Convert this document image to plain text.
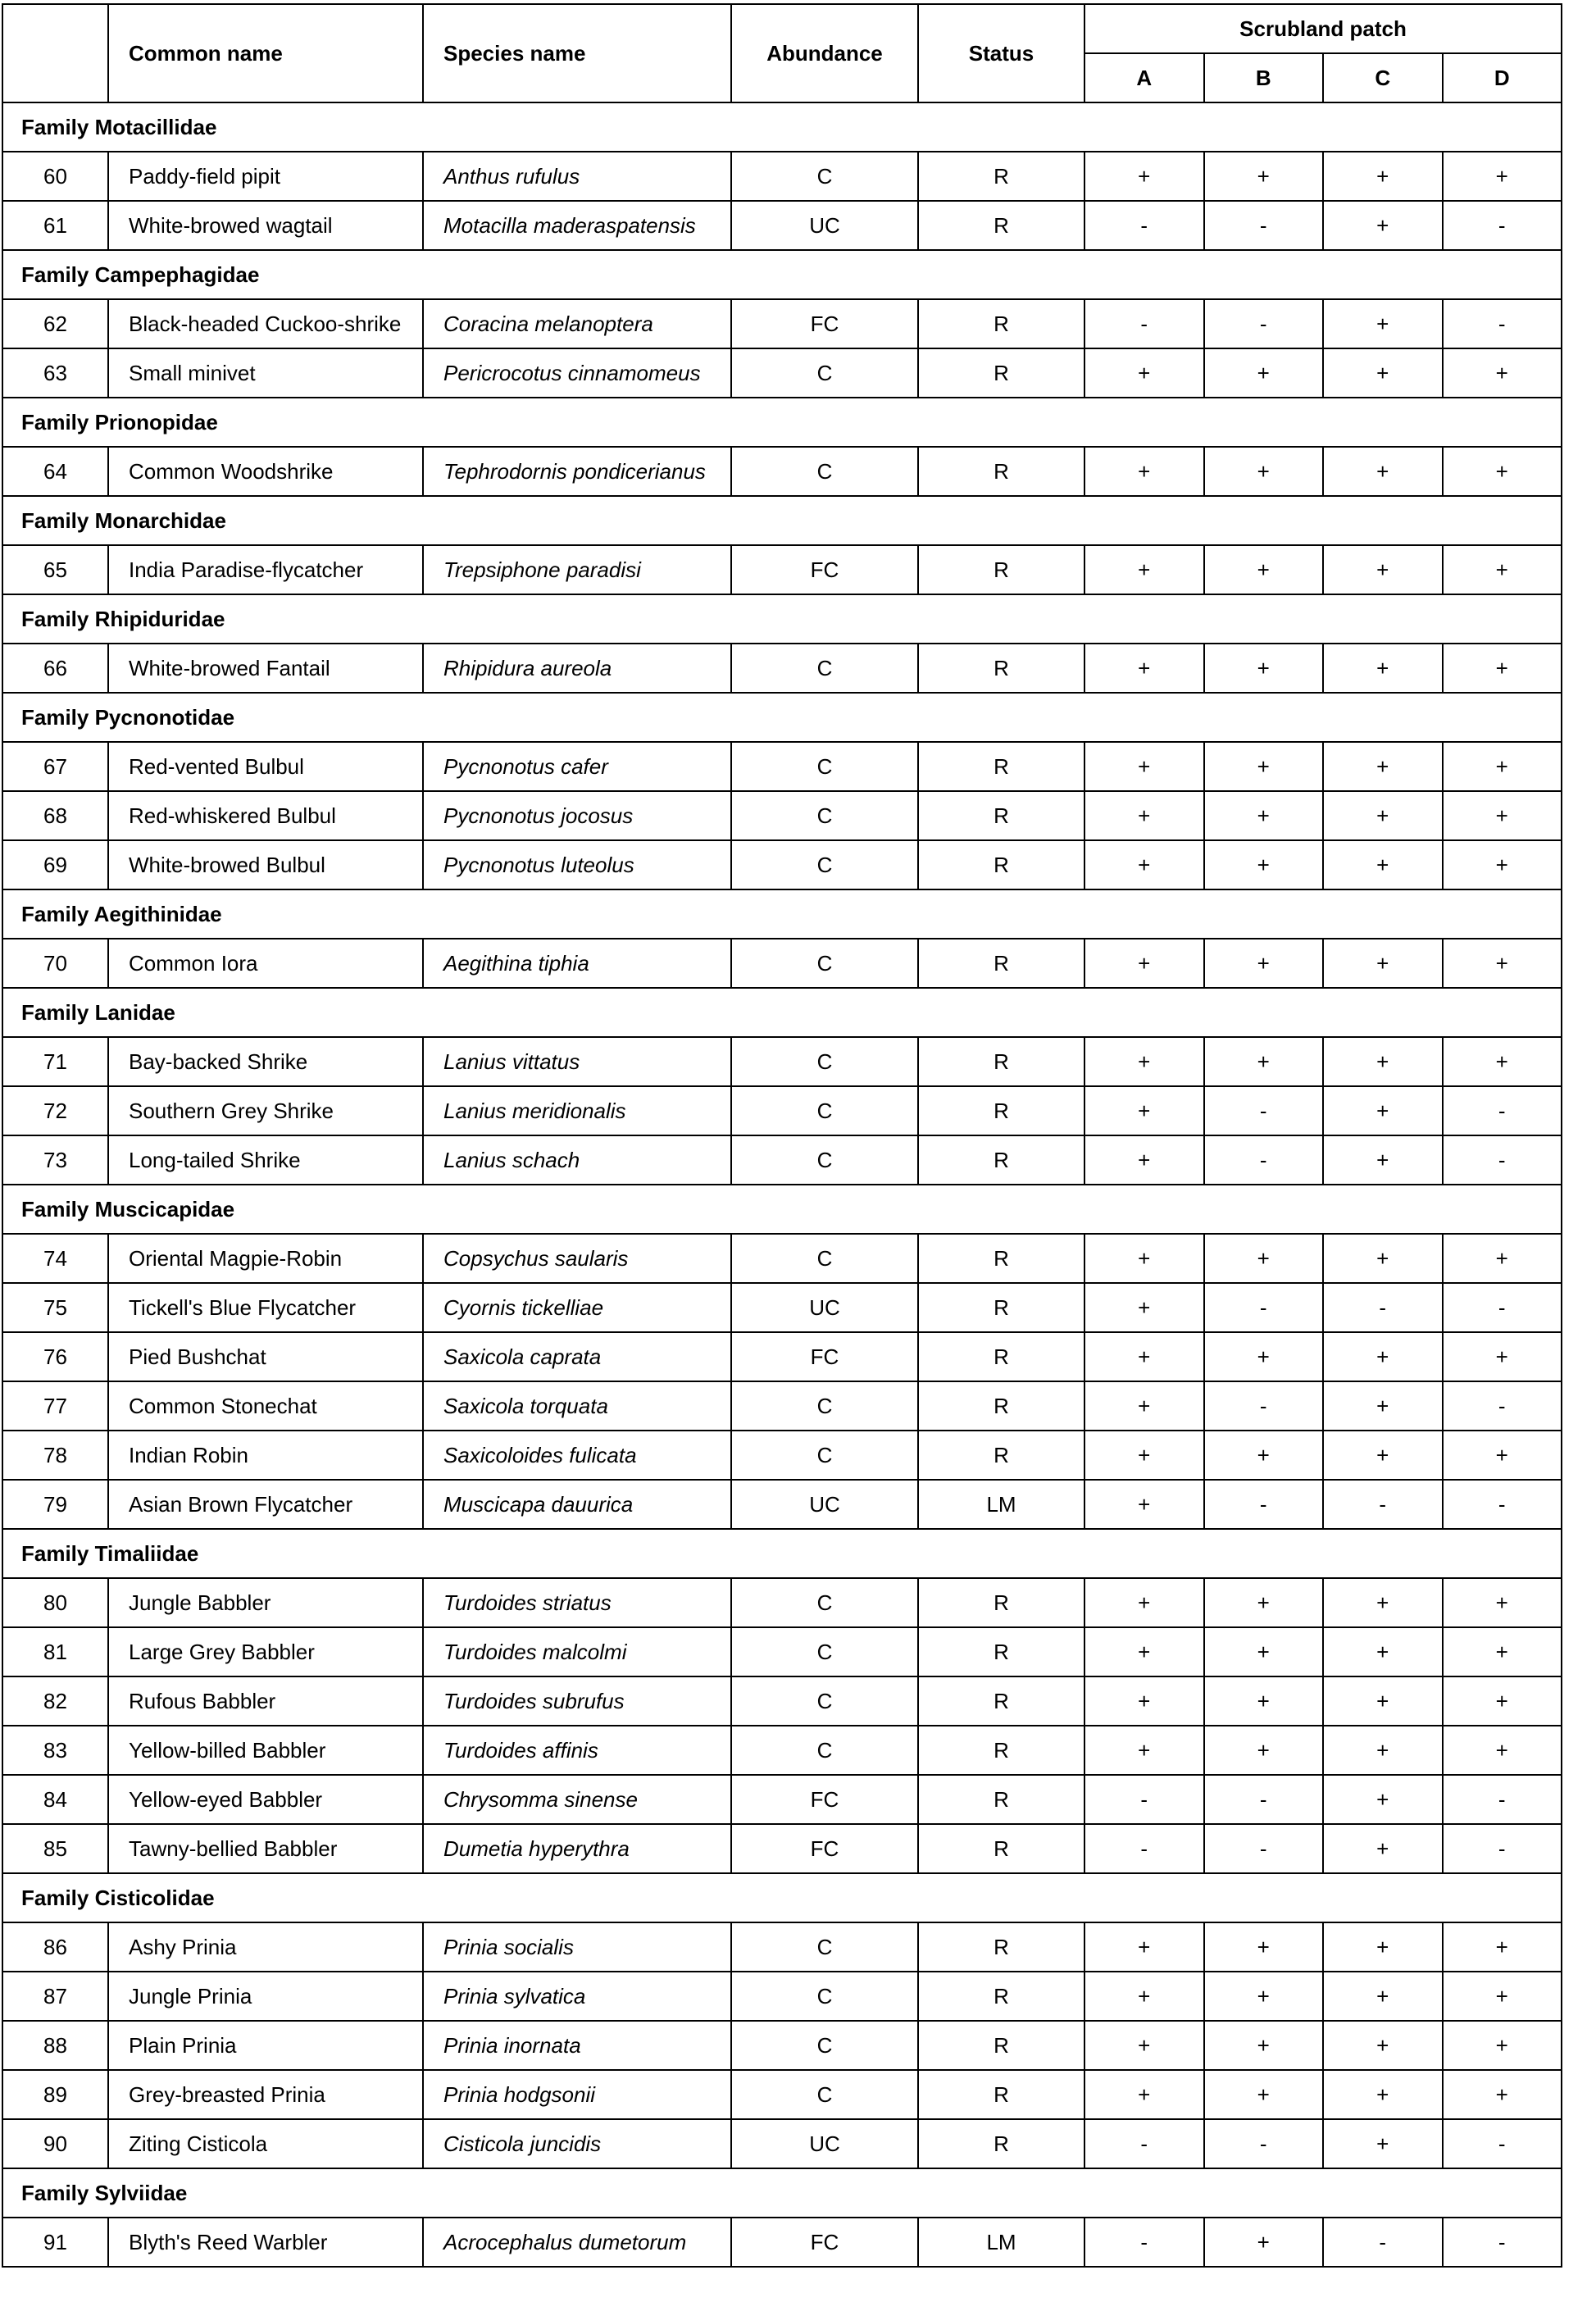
	Common name	Species name	Abundance	Status	Scrubland patch			
					A	B	C	D
Family Motacillidae								
60	Paddy-field pipit	Anthus rufulus	C	R	+	+	+	+
61	White-browed wagtail	Motacilla maderaspatensis	UC	R	-	-	+	-
Family Campephagidae								
62	Black-headed Cuckoo-shrike	Coracina melanoptera	FC	R	-	-	+	-
63	Small minivet	Pericrocotus cinnamomeus	C	R	+	+	+	+
Family Prionopidae								
64	Common Woodshrike	Tephrodornis pondicerianus	C	R	+	+	+	+
Family Monarchidae								
65	India Paradise-flycatcher	Trepsiphone paradisi	FC	R	+	+	+	+
Family Rhipiduridae								
66	White-browed Fantail	Rhipidura aureola	C	R	+	+	+	+
Family Pycnonotidae								
67	Red-vented Bulbul	Pycnonotus cafer	C	R	+	+	+	+
68	Red-whiskered Bulbul	Pycnonotus jocosus	C	R	+	+	+	+
69	White-browed Bulbul	Pycnonotus luteolus	C	R	+	+	+	+
Family Aegithinidae								
70	Common Iora	Aegithina tiphia	C	R	+	+	+	+
Family Lanidae								
71	Bay-backed Shrike	Lanius vittatus	C	R	+	+	+	+
72	Southern Grey Shrike	Lanius meridionalis	C	R	+	-	+	-
73	Long-tailed Shrike	Lanius schach	C	R	+	-	+	-
Family Muscicapidae								
74	Oriental Magpie-Robin	Copsychus saularis	C	R	+	+	+	+
75	Tickell's Blue Flycatcher	Cyornis tickelliae	UC	R	+	-	-	-
76	Pied Bushchat	Saxicola caprata	FC	R	+	+	+	+
77	Common Stonechat	Saxicola torquata	C	R	+	-	+	-
78	Indian Robin	Saxicoloides fulicata	C	R	+	+	+	+
79	Asian Brown Flycatcher	Muscicapa dauurica	UC	LM	+	-	-	-
Family Timaliidae								
80	Jungle Babbler	Turdoides striatus	C	R	+	+	+	+
81	Large Grey Babbler	Turdoides malcolmi	C	R	+	+	+	+
82	Rufous Babbler	Turdoides subrufus	C	R	+	+	+	+
83	Yellow-billed Babbler	Turdoides affinis	C	R	+	+	+	+
84	Yellow-eyed Babbler	Chrysomma sinense	FC	R	-	-	+	-
85	Tawny-bellied Babbler	Dumetia hyperythra	FC	R	-	-	+	-
Family Cisticolidae								
86	Ashy Prinia	Prinia socialis	C	R	+	+	+	+
87	Jungle Prinia	Prinia sylvatica	C	R	+	+	+	+
88	Plain Prinia	Prinia inornata	C	R	+	+	+	+
89	Grey-breasted Prinia	Prinia hodgsonii	C	R	+	+	+	+
90	Ziting Cisticola	Cisticola juncidis	UC	R	-	-	+	-
Family Sylviidae								
91	Blyth's Reed Warbler	Acrocephalus dumetorum	FC	LM	-	+	-	-
